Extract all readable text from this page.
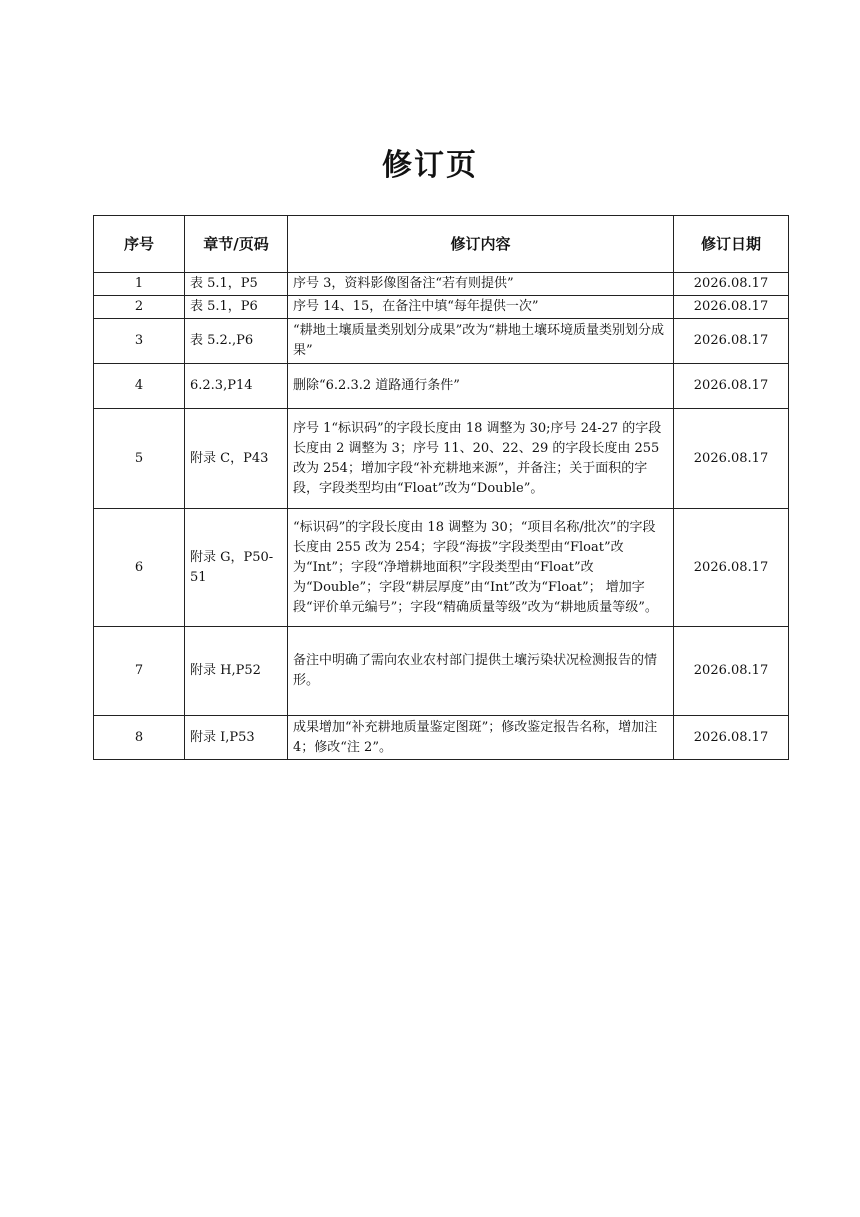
修订页
序号	章节/页码	修订内容	修订日期
1	表 5.1，P5	序号 3，资料影像图备注“若有则提供”	2026.08.17
2	表 5.1，P6	序号 14、15，在备注中填“每年提供一次”	2026.08.17
3	表 5.2.,P6	“耕地土壤质量类别划分成果”改为“耕地土壤环境质量类别划分成果”	2026.08.17
4	6.2.3,P14	删除“6.2.3.2 道路通行条件”	2026.08.17
5	附录 C，P43	序号 1“标识码”的字段长度由 18 调整为 30;序号 24-27 的字段长度由 2 调整为 3；序号 11、20、22、29 的字段长度由 255 改为 254；增加字段“补充耕地来源”，并备注；关于面积的字段，字段类型均由“Float”改为“Double”。	2026.08.17
6	附录 G，P50-51	“标识码”的字段长度由 18 调整为 30；“项目名称/批次”的字段长度由 255 改为 254；字段“海拔”字段类型由“Float”改为“Int”；字段“净增耕地面积”字段类型由“Float”改为“Double”；字段“耕层厚度”由“Int”改为“Float”； 增加字段“评价单元编号”；字段“精确质量等级”改为“耕地质量等级”。	2026.08.17
7	附录 H,P52	备注中明确了需向农业农村部门提供土壤污染状况检测报告的情形。	2026.08.17
8	附录 I,P53	成果增加“补充耕地质量鉴定图斑”；修改鉴定报告名称，增加注 4；修改“注 2”。	2026.08.17
